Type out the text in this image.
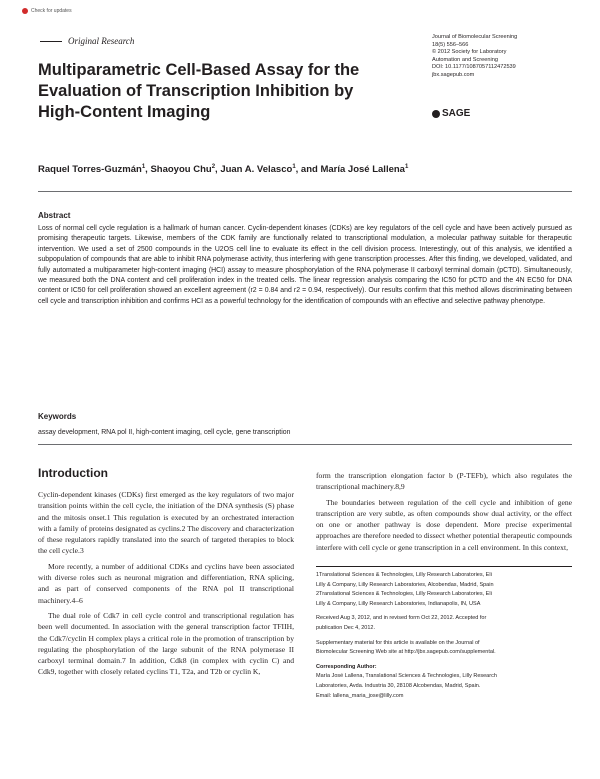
Check for updates
Original Research
Multiparametric Cell-Based Assay for the Evaluation of Transcription Inhibition by High-Content Imaging
Journal of Biomolecular Screening
18(5) 556–566
© 2012 Society for Laboratory
Automation and Screening
DOI: 10.1177/1087057112472539
jbx.sagepub.com
SAGE
Raquel Torres-Guzmán$^1$, Shaoyou Chu$^2$, Juan A. Velasco$^1$, and María José Lallena$^1$
Abstract
Loss of normal cell cycle regulation is a hallmark of human cancer. Cyclin-dependent kinases (CDKs) are key regulators of the cell cycle and have been actively pursued as promising therapeutic targets. Likewise, members of the CDK family are functionally related to transcriptional modulation, a molecular pathway suitable for therapeutic intervention. We used a set of 2500 compounds in the U2OS cell line to evaluate its effect in the cell division process. Interestingly, out of this analysis, we identified a subpopulation of compounds that are able to inhibit RNA polymerase activity, thus interfering with gene transcription processes. After this finding, we developed, validated, and fully automated a multiparameter high-content imaging (HCI) assay to measure phosphorylation of the RNA polymerase II carboxyl terminal domain (pCTD). Simultaneously, we measured both the DNA content and cell proliferation index in the treated cells. The linear regression analysis comparing the IC50 for pCTD and the 4N EC50 for DNA content or IC50 for cell proliferation showed an excellent agreement (r2 = 0.84 and r2 = 0.94, respectively). Our results confirm that this method allows discriminating between cell cycle and transcription inhibition and confirms HCI as a powerful technology for the identification of compounds with an effective and selective pathway phenotype.
Keywords
assay development, RNA pol II, high-content imaging, cell cycle, gene transcription
Introduction

Cyclin-dependent kinases (CDKs) first emerged as the key regulators of two major transition points within the cell cycle, the initiation of the DNA synthesis (S) phase and the mitosis onset.1 This regulation is executed by an orchestrated interaction with a family of proteins designated as cyclins.2 The discovery and characterization of these regulators rapidly translated into the search of targeted therapies to block the cell cycle.3

More recently, a number of additional CDKs and cyclins have been associated with diverse roles such as neuronal migration and differentiation, RNA splicing, and as part of conserved components of the RNA pol II transcriptional machinery.4–6

The dual role of Cdk7 in cell cycle control and transcriptional regulation has been well documented. In association with the general transcription factor TFIIH, the Cdk7/cyclin H complex plays a critical role in the promotion of transcription by regulating the phosphorylation of the large subunit of the RNA polymerase II carboxyl terminal domain.7 In addition, Cdk8 (in complex with cyclin C) and Cdk9, together with closely related cyclins T1, T2a, and T2b or cyclin K,

form the transcription elongation factor b (P-TEFb), which also regulates the transcriptional machinery.8,9

The boundaries between regulation of the cell cycle and inhibition of gene transcription are very subtle, as often compounds show dual activity, or the effect on one or another pathway is dose dependent. More precise experimental approaches are therefore needed to dissect whether potential therapeutic compounds interfere with cell cycle or gene transcription in a cell environment. In this context,

1Translational Sciences & Technologies, Lilly Research Laboratories, Eli
Lilly & Company, Lilly Research Laboratories, Alcobendas, Madrid, Spain
2Translational Sciences & Technologies, Lilly Research Laboratories, Eli
Lilly & Company, Lilly Research Laboratories, Indianapolis, IN, USA
Received Aug 3, 2012, and in revised form Oct 22, 2012. Accepted for
publication Dec 4, 2012.
Supplementary material for this article is available on the Journal of
Biomolecular Screening Web site at http://jbx.sagepub.com/supplemental.
Corresponding Author:
María José Lallena, Translational Sciences & Technologies, Lilly Research
Laboratories, Avda. Industria 30, 28108 Alcobendas, Madrid, Spain.
Email: lallena_maria_jose@lilly.com
